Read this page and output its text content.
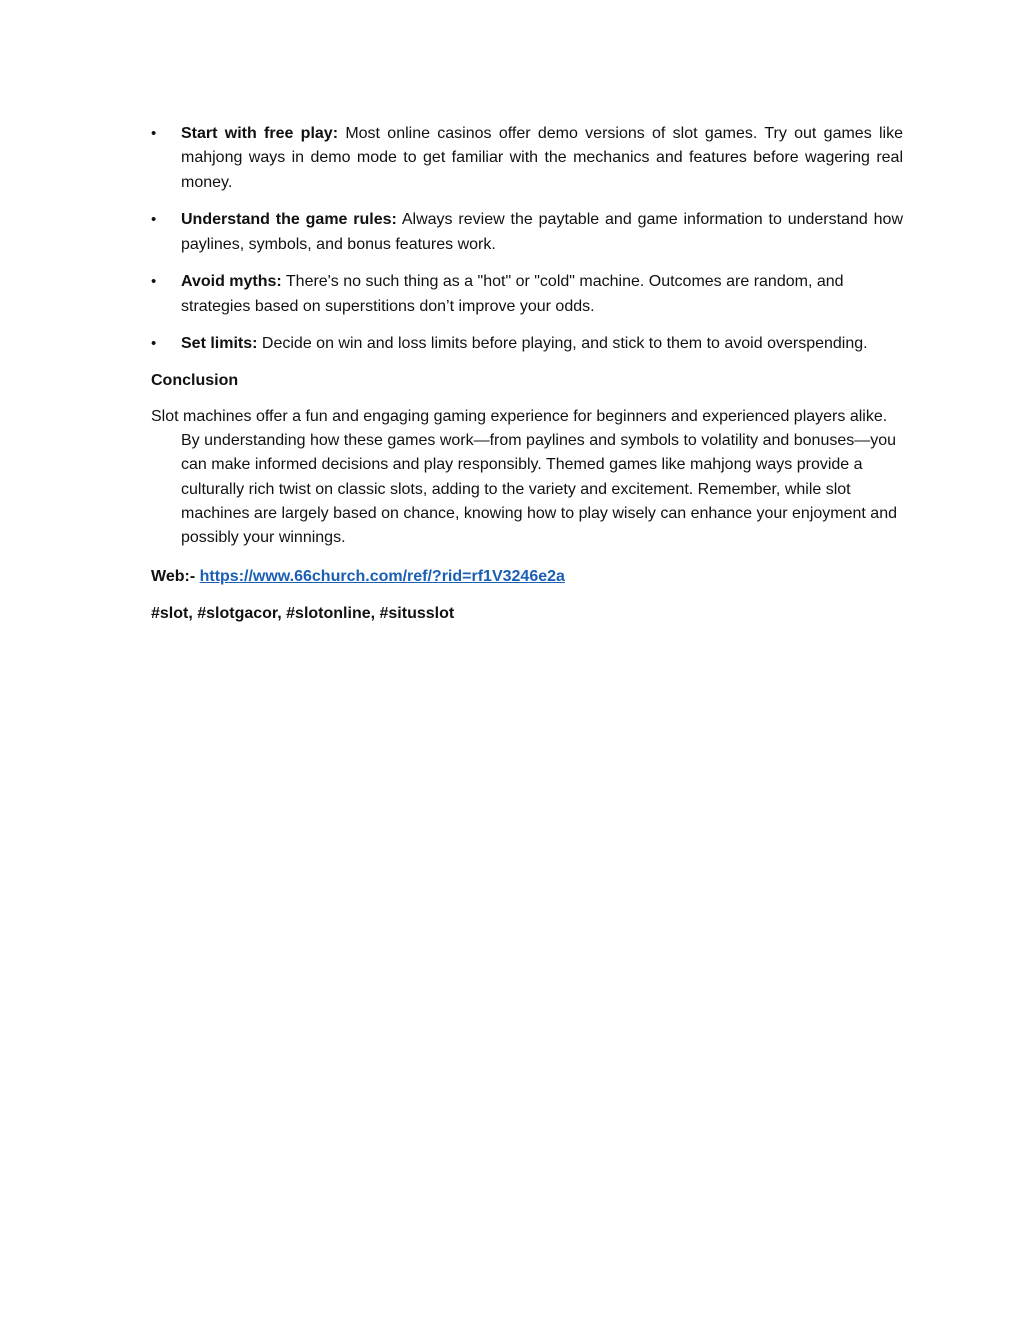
• Start with free play: Most online casinos offer demo versions of slot games. Try out games like mahjong ways in demo mode to get familiar with the mechanics and features before wagering real money.
• Understand the game rules: Always review the paytable and game information to understand how paylines, symbols, and bonus features work.
• Avoid myths: There's no such thing as a "hot" or "cold" machine. Outcomes are random, and strategies based on superstitions don’t improve your odds.
• Set limits: Decide on win and loss limits before playing, and stick to them to avoid overspending.

Conclusion

Slot machines offer a fun and engaging gaming experience for beginners and experienced players alike. By understanding how these games work—from paylines and symbols to volatility and bonuses—you can make informed decisions and play responsibly. Themed games like mahjong ways provide a culturally rich twist on classic slots, adding to the variety and excitement. Remember, while slot machines are largely based on chance, knowing how to play wisely can enhance your enjoyment and possibly your winnings.

Web:- https://www.66church.com/ref/?rid=rf1V3246e2a

#slot, #slotgacor, #slotonline, #situsslot
